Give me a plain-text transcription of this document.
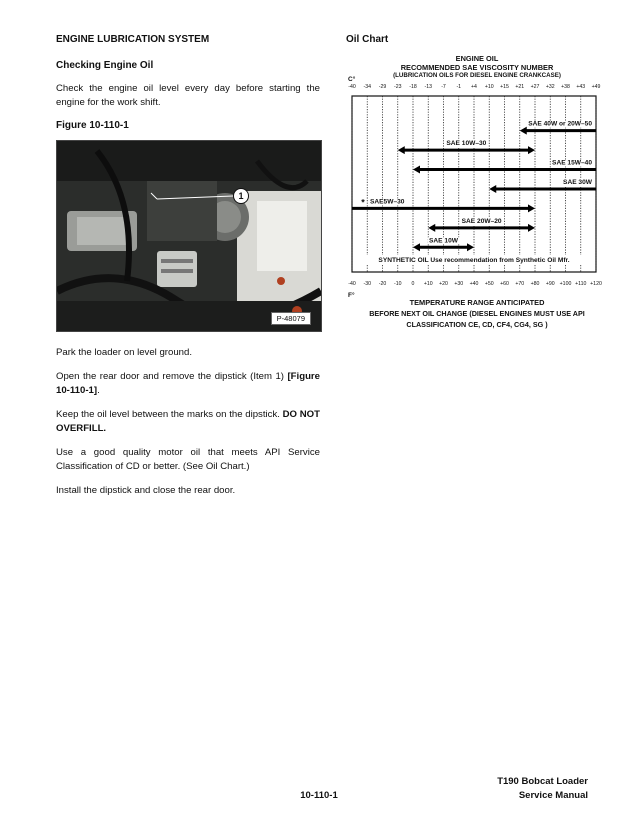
ENGINE LUBRICATION SYSTEM
Checking Engine Oil
Check the engine oil level every day before starting the engine for the work shift.
Figure 10-110-1
1
P-48079
Park the loader on level ground.
Open the rear door and remove the dipstick (Item 1) [Figure 10-110-1].
Keep the oil level between the marks on the dipstick. DO NOT OVERFILL.
Use a good quality motor oil that meets API Service Classification of CD or better. (See Oil Chart.)
Install the dipstick and close the rear door.
Oil Chart
ENGINE OIL
RECOMMENDED SAE VISCOSITY NUMBER
(LUBRICATION OILS FOR DIESEL ENGINE CRANKCASE)
C°
F°
-40
-40
-34
-30
-29
-20
-23
-10
-18
0
-13
+10
-7
+20
-1
+30
+4
+40
+10
+50
+15
+60
+21
+70
+27
+80
+32
+90
+38
+100
+43
+110
+49
+120
SAE 40W or 20W–50
SAE 10W–30
SAE 15W–40
SAE 30W
SAE5W–30
*
SAE 20W–20
SAE 10W
SYNTHETIC OIL Use recommendation from Synthetic Oil Mfr.
TEMPERATURE RANGE ANTICIPATED
BEFORE NEXT OIL CHANGE (DIESEL ENGINES MUST USE API
CLASSIFICATION CE, CD, CF4, CG4, SG )
10-110-1
T190 Bobcat Loader
Service Manual
